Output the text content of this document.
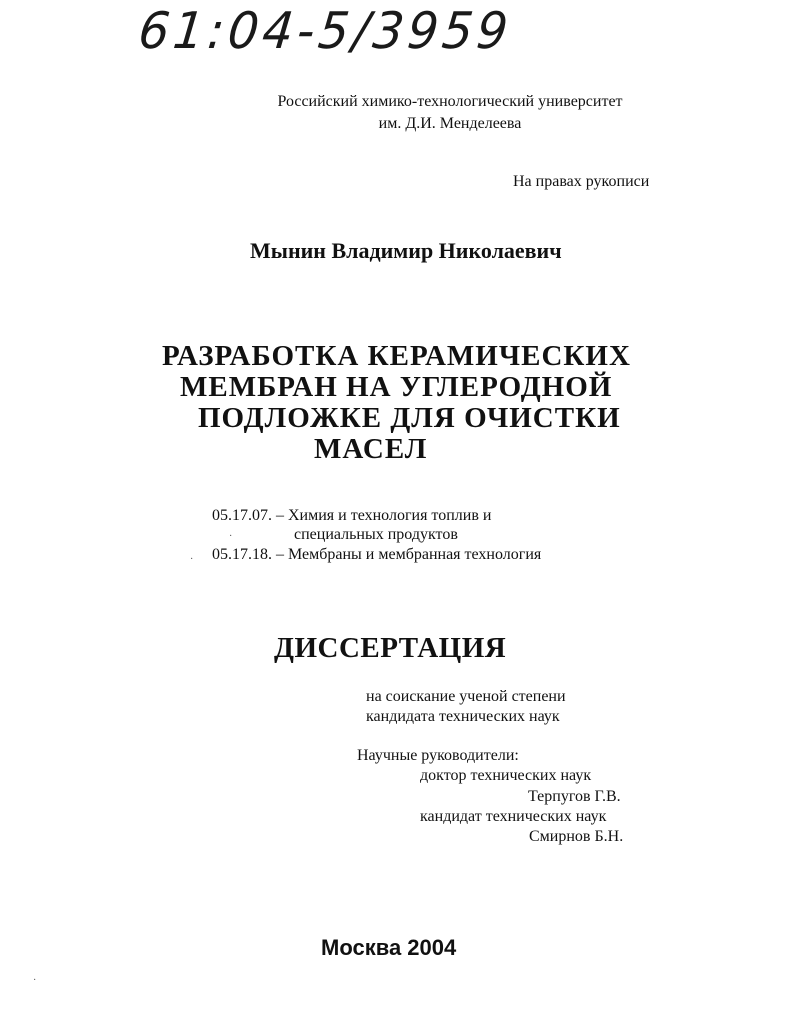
61:04-5/3959
Российский химико-технологический университет
им. Д.И. Менделеева
На правах рукописи
Мынин Владимир Николаевич
РАЗРАБОТКА КЕРАМИЧЕСКИХ
МЕМБРАН НА УГЛЕРОДНОЙ
ПОДЛОЖКЕ ДЛЯ ОЧИСТКИ
МАСЕЛ
05.17.07. – Химия и технология топлив и
специальных продуктов
05.17.18. – Мембраны и мембранная технология
ДИССЕРТАЦИЯ
на соискание ученой степени
кандидата технических наук
Научные руководители:
доктор технических наук
Терпугов Г.В.
кандидат технических наук
Смирнов Б.Н.
Москва 2004
·
·
·
